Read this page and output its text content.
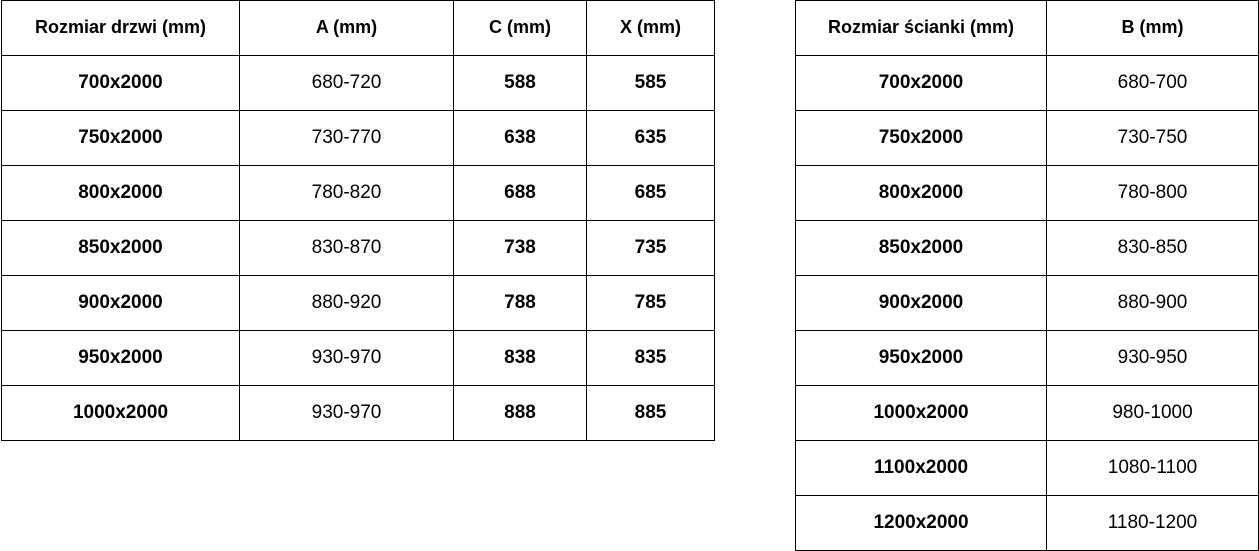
Rozmiar drzwi (mm)	A (mm)	C (mm)	X (mm)
700x2000	680-720	588	585
750x2000	730-770	638	635
800x2000	780-820	688	685
850x2000	830-870	738	735
900x2000	880-920	788	785
950x2000	930-970	838	835
1000x2000	930-970	888	885
Rozmiar ścianki (mm)	B (mm)
700x2000	680-700
750x2000	730-750
800x2000	780-800
850x2000	830-850
900x2000	880-900
950x2000	930-950
1000x2000	980-1000
1100x2000	1080-1100
1200x2000	1180-1200
